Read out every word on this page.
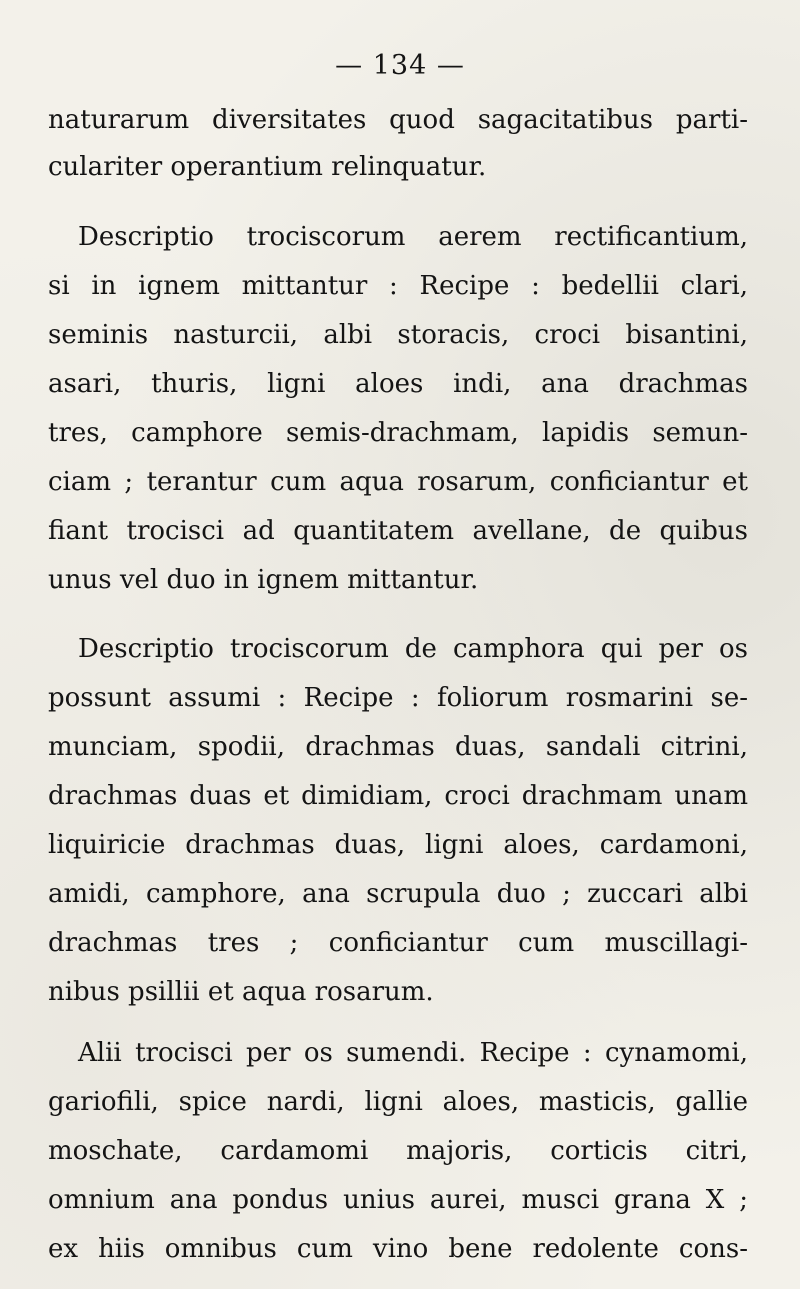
— 134 —
naturarum diversitates quod sagacitatibus parti-
culariter operantium relinquatur.
Descriptio trociscorum aerem rectificantium,
si in ignem mittantur : Recipe : bedellii clari,
seminis nasturcii, albi storacis, croci bisantini,
asari, thuris, ligni aloes indi, ana drachmas
tres, camphore semis-drachmam, lapidis semun-
ciam ; terantur cum aqua rosarum, conficiantur et
fiant trocisci ad quantitatem avellane, de quibus
unus vel duo in ignem mittantur.
Descriptio trociscorum de camphora qui per os
possunt assumi : Recipe : foliorum rosmarini se-
munciam, spodii, drachmas duas, sandali citrini,
drachmas duas et dimidiam, croci drachmam unam
liquiricie drachmas duas, ligni aloes, cardamoni,
amidi, camphore, ana scrupula duo ; zuccari albi
drachmas tres ; conficiantur cum muscillagi-
nibus psillii et aqua rosarum.
Alii trocisci per os sumendi. Recipe : cynamomi,
gariofili, spice nardi, ligni aloes, masticis, gallie
moschate, cardamomi majoris, corticis citri,
omnium ana pondus unius aurei, musci grana X ;
ex hiis omnibus cum vino bene redolente cons-
